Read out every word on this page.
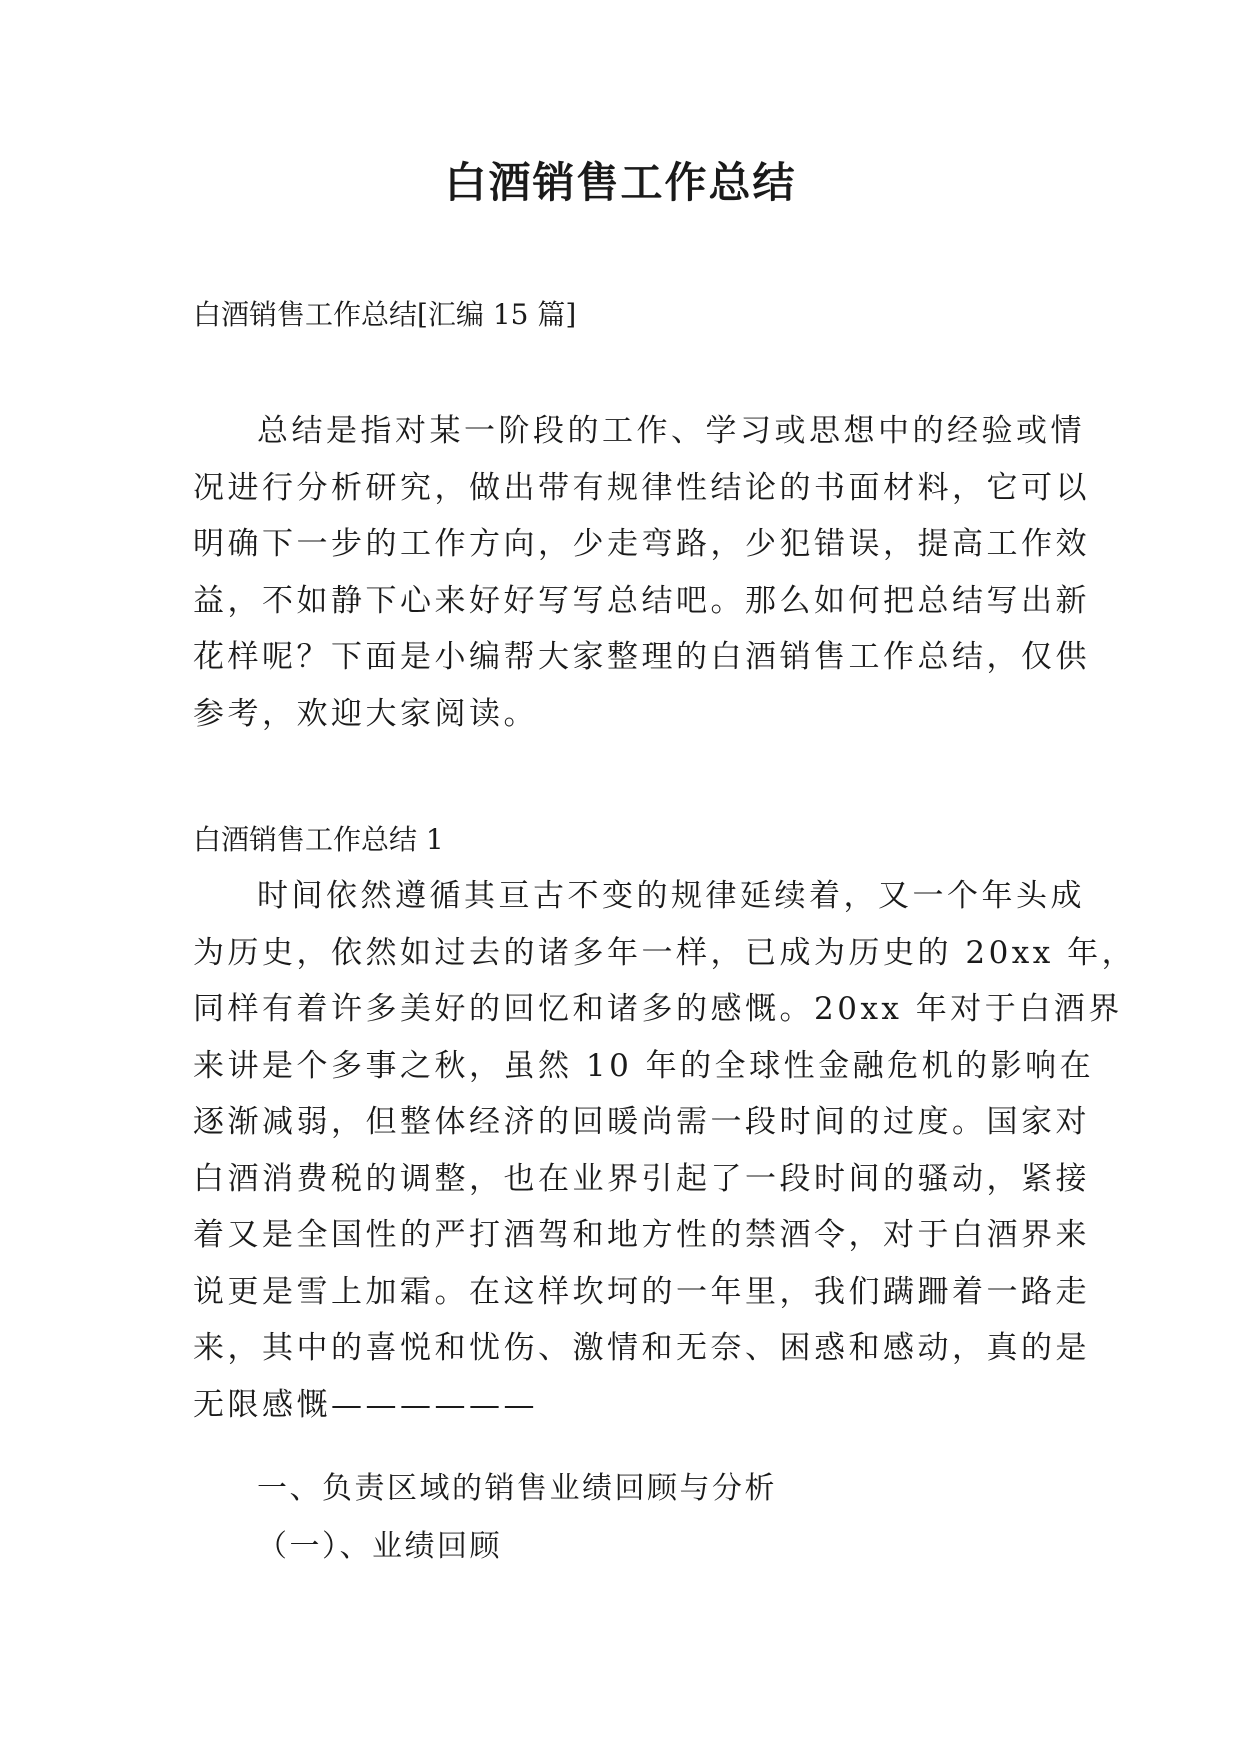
白酒销售工作总结

白酒销售工作总结[汇编 15 篇]

总结是指对某一阶段的工作、学习或思想中的经验或情
况进行分析研究，做出带有规律性结论的书面材料，它可以
明确下一步的工作方向，少走弯路，少犯错误，提高工作效
益，不如静下心来好好写写总结吧。那么如何把总结写出新
花样呢？下面是小编帮大家整理的白酒销售工作总结，仅供
参考，欢迎大家阅读。

白酒销售工作总结 1

时间依然遵循其亘古不变的规律延续着，又一个年头成
为历史，依然如过去的诸多年一样，已成为历史的 20xx 年，
同样有着许多美好的回忆和诸多的感慨。20xx 年对于白酒界
来讲是个多事之秋，虽然 10 年的全球性金融危机的影响在
逐渐减弱，但整体经济的回暖尚需一段时间的过度。国家对
白酒消费税的调整，也在业界引起了一段时间的骚动，紧接
着又是全国性的严打酒驾和地方性的禁酒令，对于白酒界来
说更是雪上加霜。在这样坎坷的一年里，我们蹒跚着一路走
来，其中的喜悦和忧伤、激情和无奈、困惑和感动，真的是
无限感慨——————

一、负责区域的销售业绩回顾与分析

（一）、业绩回顾
